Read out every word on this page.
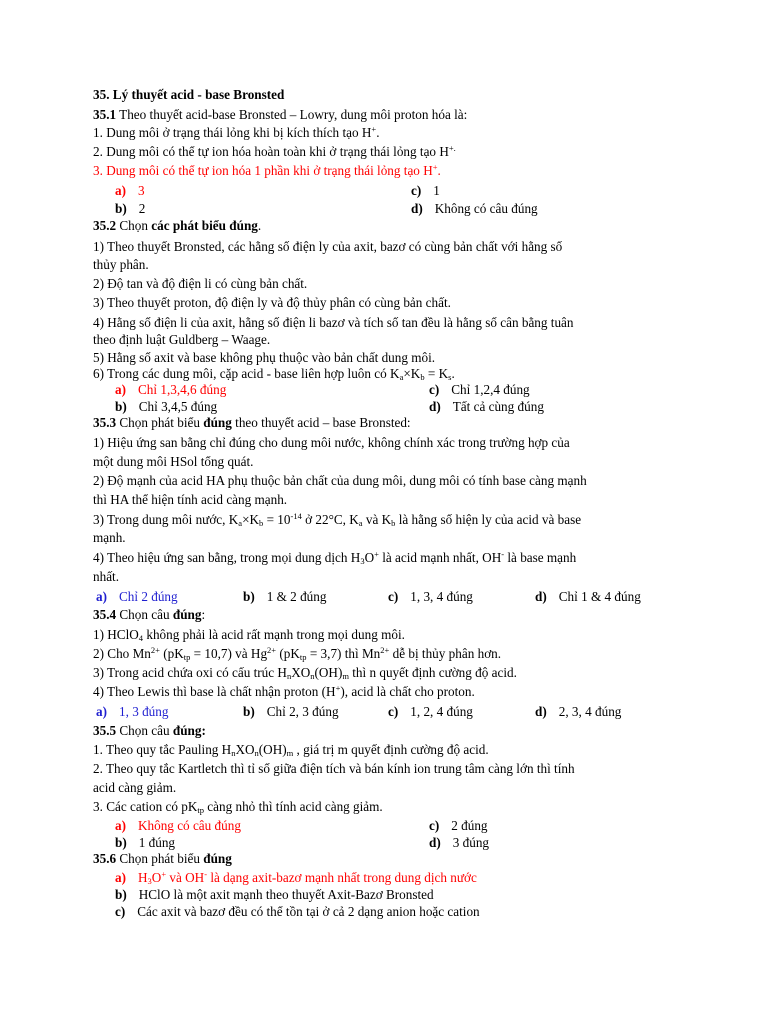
35. Lý thuyết acid - base Bronsted
35.1 Theo thuyết acid-base Bronsted – Lowry, dung môi proton hóa là:
1. Dung môi ở trạng thái lỏng khi bị kích thích tạo H+.
2. Dung môi có thể tự ion hóa hoàn toàn khi ở trạng thái lỏng tạo H+.
3. Dung môi có thể tự ion hóa 1 phần khi ở trạng thái lỏng tạo H+.
a) 3	c) 1
b) 2	d) Không có câu đúng
35.2 Chọn các phát biểu đúng.
1) Theo thuyết Bronsted, các hằng số điện ly của axit, bazơ có cùng bản chất với hằng số
thủy phân.
2) Độ tan và độ điện li có cùng bản chất.
3) Theo thuyết proton, độ điện ly và độ thủy phân có cùng bản chất.
4) Hằng số điện li của axit, hằng số điện li bazơ và tích số tan đều là hằng số cân bằng tuân
theo định luật Guldberg – Waage.
5) Hằng số axit và base không phụ thuộc vào bản chất dung môi.
6) Trong các dung môi, cặp acid - base liên hợp luôn có $K_a\times K_b = K_s$.
a) Chỉ 1,3,4,6 đúng	c) Chỉ 1,2,4 đúng
b) Chỉ 3,4,5 đúng	d) Tất cả cùng đúng
35.3 Chọn phát biểu đúng theo thuyết acid – base Bronsted:
1) Hiệu ứng san bằng chỉ đúng cho dung môi nước, không chính xác trong trường hợp của
một dung môi HSol tổng quát.
2) Độ mạnh của acid HA phụ thuộc bản chất của dung môi, dung môi có tính base càng mạnh
thì HA thể hiện tính acid càng mạnh.
3) Trong dung môi nước, $K_a\times K_b = 10^{-14}$ ở 22°C, $K_a$ và $K_b$ là hằng số hiện ly của acid và base
mạnh.
4) Theo hiệu ứng san bằng, trong mọi dung dịch $H_3O^+$ là acid mạnh nhất, OH- là base mạnh
nhất.
a) Chỉ 2 đúng	b) 1 & 2 đúng	c) 1, 3, 4 đúng	d) Chỉ 1 & 4 đúng
35.4 Chọn câu đúng:
1) HClO$_4$ không phải là acid rất mạnh trong mọi dung môi.
2) Cho $Mn^{2+}$ $(pK_{tp} = 10,7)$ và $Hg^{2+}$ $(pK_{tp} = 3,7)$ thì $Mn^{2+}$ dễ bị thủy phân hơn.
3) Trong acid chứa oxi có cấu trúc $H_nXO_n(OH)_m$ thì n quyết định cường độ acid.
4) Theo Lewis thì base là chất nhận proton (H+), acid là chất cho proton.
a) 1, 3 đúng	b) Chỉ 2, 3 đúng	c) 1, 2, 4 đúng	d) 2, 3, 4 đúng
35.5 Chọn câu đúng:
1. Theo quy tắc Pauling $H_nXO_n(OH)_m$ , giá trị m quyết định cường độ acid.
2. Theo quy tắc Kartletch thì tỉ số giữa điện tích và bán kính ion trung tâm càng lớn thì tính
acid càng giảm.
3. Các cation có $pK_{tp}$ càng nhỏ thì tính acid càng giảm.
a) Không có câu đúng	c) 2 đúng
b) 1 đúng	d) 3 đúng
35.6 Chọn phát biểu đúng
a) $H_3O^+$ và OH- là dạng axit-bazơ mạnh nhất trong dung dịch nước
b) HClO là một axit mạnh theo thuyết Axit-Bazơ Bronsted
c) Các axit và bazơ đều có thể tồn tại ở cả 2 dạng anion hoặc cation
